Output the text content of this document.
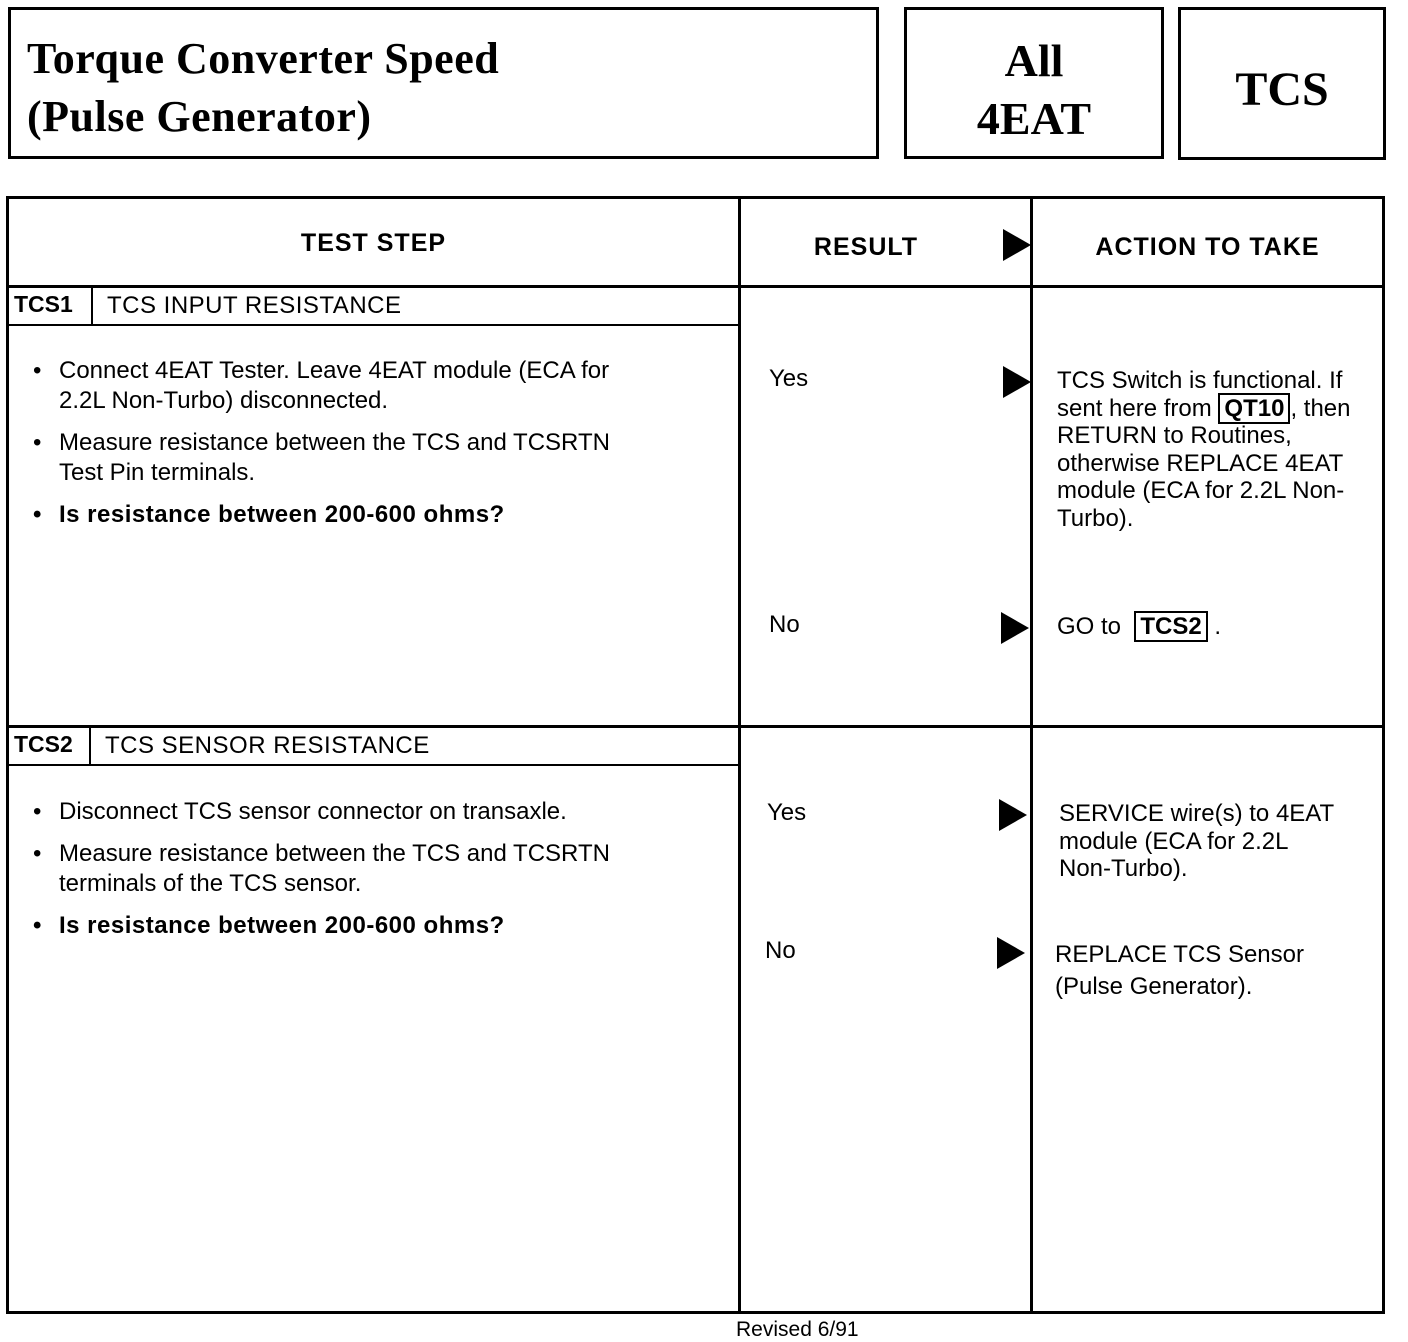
Torque Converter Speed
(Pulse Generator)
All
4EAT
TCS
TEST STEP	RESULT	ACTION TO TAKE
TCS1	TCS INPUT RESISTANCE
• Connect 4EAT Tester. Leave 4EAT module (ECA for 2.2L Non-Turbo) disconnected.
• Measure resistance between the TCS and TCSRTN Test Pin terminals.
• Is resistance between 200-600 ohms?
Yes	TCS Switch is functional. If sent here from QT10 , then RETURN to Routines, otherwise REPLACE 4EAT module (ECA for 2.2L Non-Turbo).
No	GO to TCS2 .
TCS2	TCS SENSOR RESISTANCE
• Disconnect TCS sensor connector on transaxle.
• Measure resistance between the TCS and TCSRTN terminals of the TCS sensor.
• Is resistance between 200-600 ohms?
Yes	SERVICE wire(s) to 4EAT module (ECA for 2.2L Non-Turbo).
No	REPLACE TCS Sensor (Pulse Generator).
Revised 6/91
